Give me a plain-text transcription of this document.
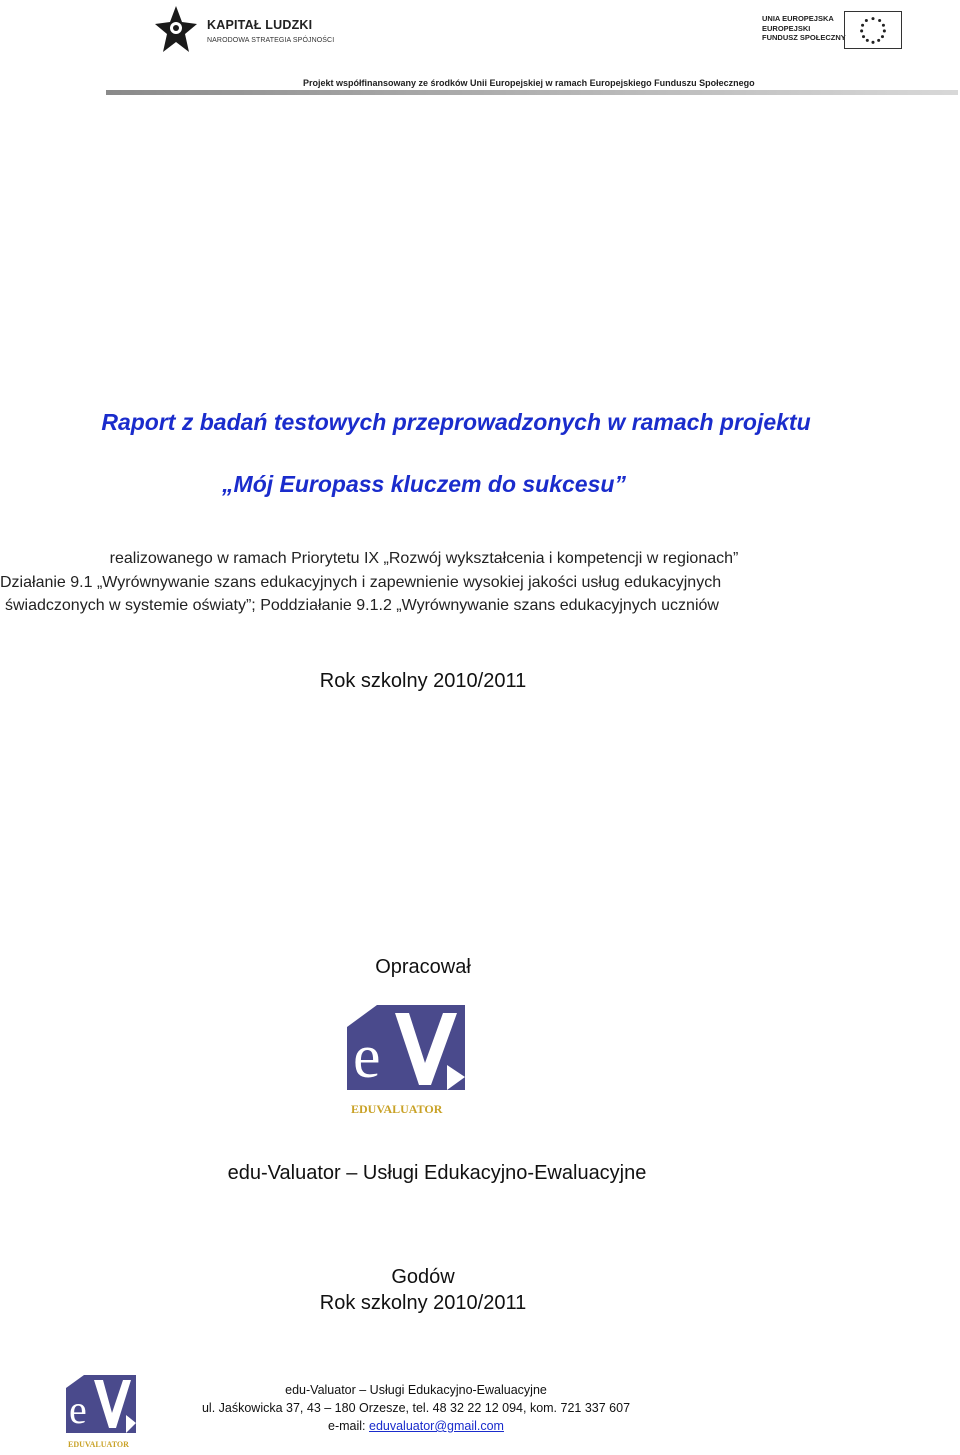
KAPITAŁ LUDZKI
NARODOWA STRATEGIA SPÓJNOŚCI
UNIA EUROPEJSKA
EUROPEJSKI
FUNDUSZ SPOŁECZNY
Projekt współfinansowany ze środków Unii Europejskiej w ramach Europejskiego Funduszu Społecznego
Raport z badań testowych przeprowadzonych w ramach projektu
„Mój Europass kluczem do sukcesu”
realizowanego w ramach Priorytetu IX „Rozwój wykształcenia i kompetencji w regionach”
Działanie 9.1 „Wyrównywanie szans edukacyjnych i zapewnienie wysokiej jakości usług edukacyjnych
świadczonych w systemie oświaty”; Poddziałanie 9.1.2 „Wyrównywanie szans edukacyjnych uczniów
Rok szkolny 2010/2011
Opracował
e
EDUVALUATOR
edu-Valuator – Usługi Edukacyjno-Ewaluacyjne
Godów
Rok szkolny 2010/2011
e
EDUVALUATOR
edu-Valuator – Usługi Edukacyjno-Ewaluacyjne
ul. Jaśkowicka 37, 43 – 180 Orzesze, tel. 48 32 22 12 094, kom. 721 337 607
e-mail: eduvaluator@gmail.com
